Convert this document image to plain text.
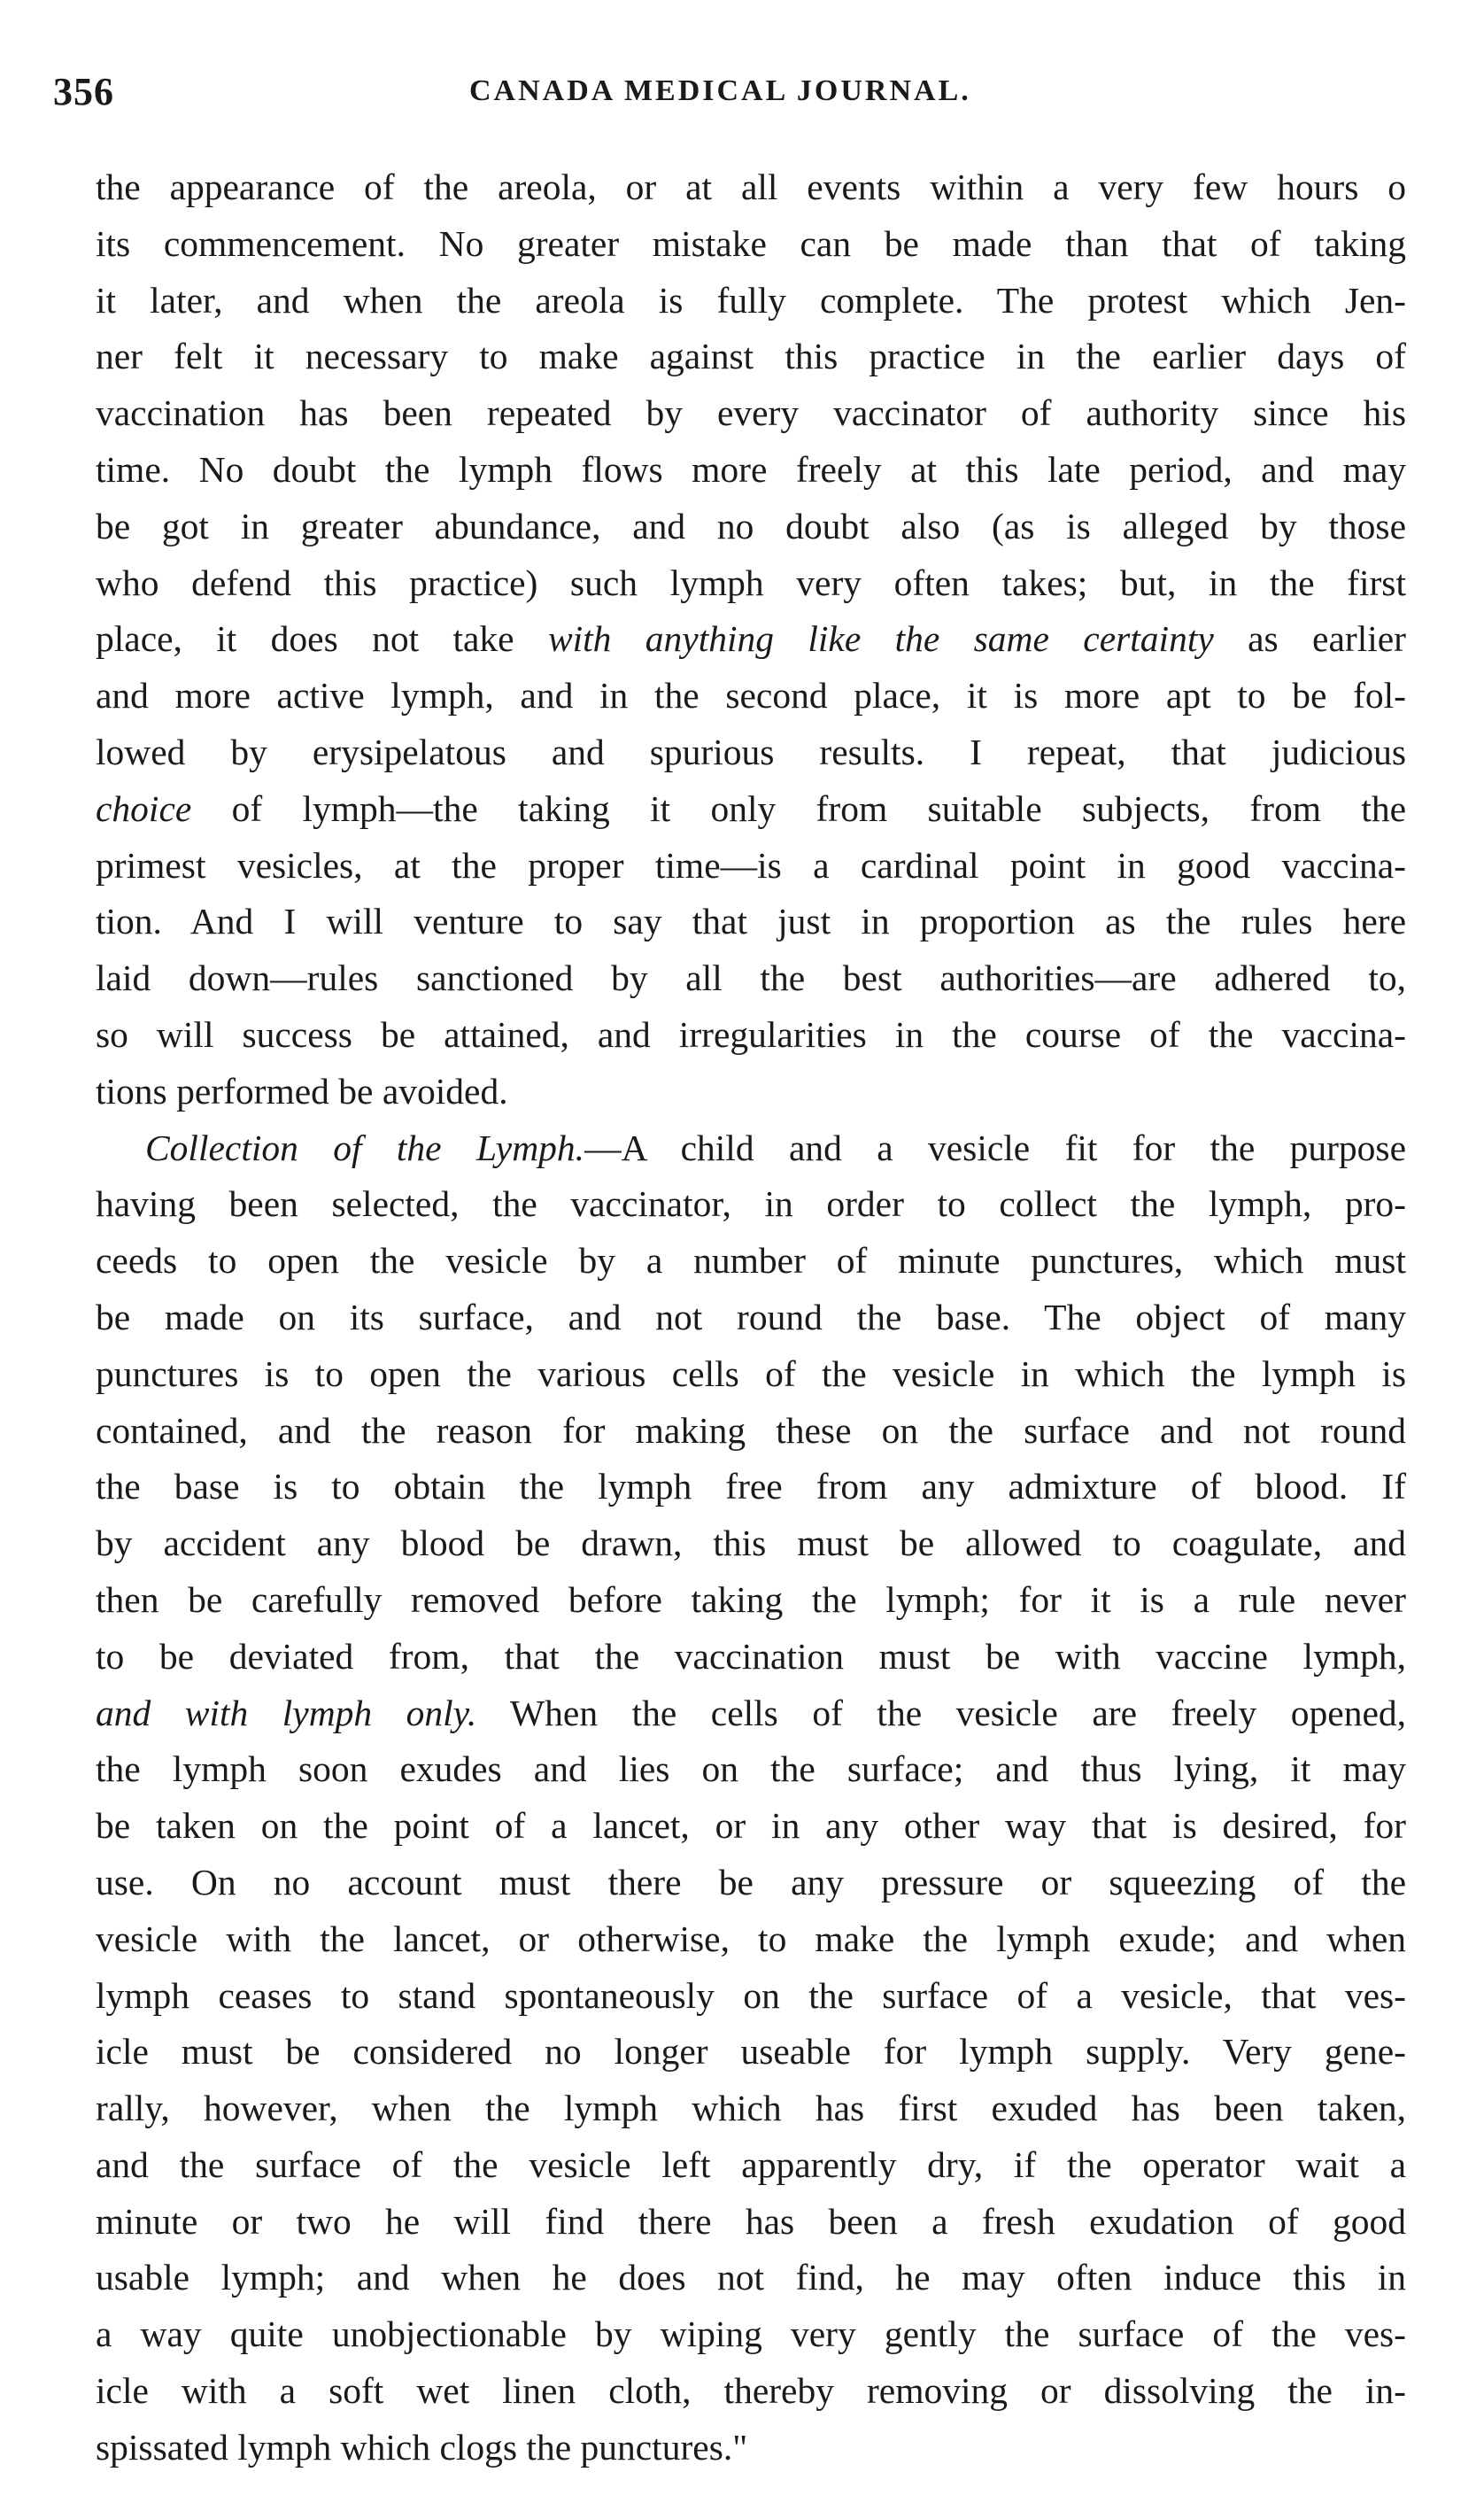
356	CANADA MEDICAL JOURNAL.
the appearance of the areola, or at all events within a very few hours o
its commencement. No greater mistake can be made than that of taking
it later, and when the areola is fully complete. The protest which Jen-
ner felt it necessary to make against this practice in the earlier days of
vaccination has been repeated by every vaccinator of authority since his
time. No doubt the lymph flows more freely at this late period, and may
be got in greater abundance, and no doubt also (as is alleged by those
who defend this practice) such lymph very often takes; but, in the first
place, it does not take with anything like the same certainty as earlier
and more active lymph, and in the second place, it is more apt to be fol-
lowed by erysipelatous and spurious results. I repeat, that judicious
choice of lymph—the taking it only from suitable subjects, from the
primest vesicles, at the proper time—is a cardinal point in good vaccina-
tion. And I will venture to say that just in proportion as the rules here
laid down—rules sanctioned by all the best authorities—are adhered to,
so will success be attained, and irregularities in the course of the vaccina-
tions performed be avoided.
Collection of the Lymph.—A child and a vesicle fit for the purpose
having been selected, the vaccinator, in order to collect the lymph, pro-
ceeds to open the vesicle by a number of minute punctures, which must
be made on its surface, and not round the base. The object of many
punctures is to open the various cells of the vesicle in which the lymph is
contained, and the reason for making these on the surface and not round
the base is to obtain the lymph free from any admixture of blood. If
by accident any blood be drawn, this must be allowed to coagulate, and
then be carefully removed before taking the lymph; for it is a rule never
to be deviated from, that the vaccination must be with vaccine lymph,
and with lymph only. When the cells of the vesicle are freely opened,
the lymph soon exudes and lies on the surface; and thus lying, it may
be taken on the point of a lancet, or in any other way that is desired, for
use. On no account must there be any pressure or squeezing of the
vesicle with the lancet, or otherwise, to make the lymph exude; and when
lymph ceases to stand spontaneously on the surface of a vesicle, that ves-
icle must be considered no longer useable for lymph supply. Very gene-
rally, however, when the lymph which has first exuded has been taken,
and the surface of the vesicle left apparently dry, if the operator wait a
minute or two he will find there has been a fresh exudation of good
usable lymph; and when he does not find, he may often induce this in
a way quite unobjectionable by wiping very gently the surface of the ves-
icle with a soft wet linen cloth, thereby removing or dissolving the in-
spissated lymph which clogs the punctures."
